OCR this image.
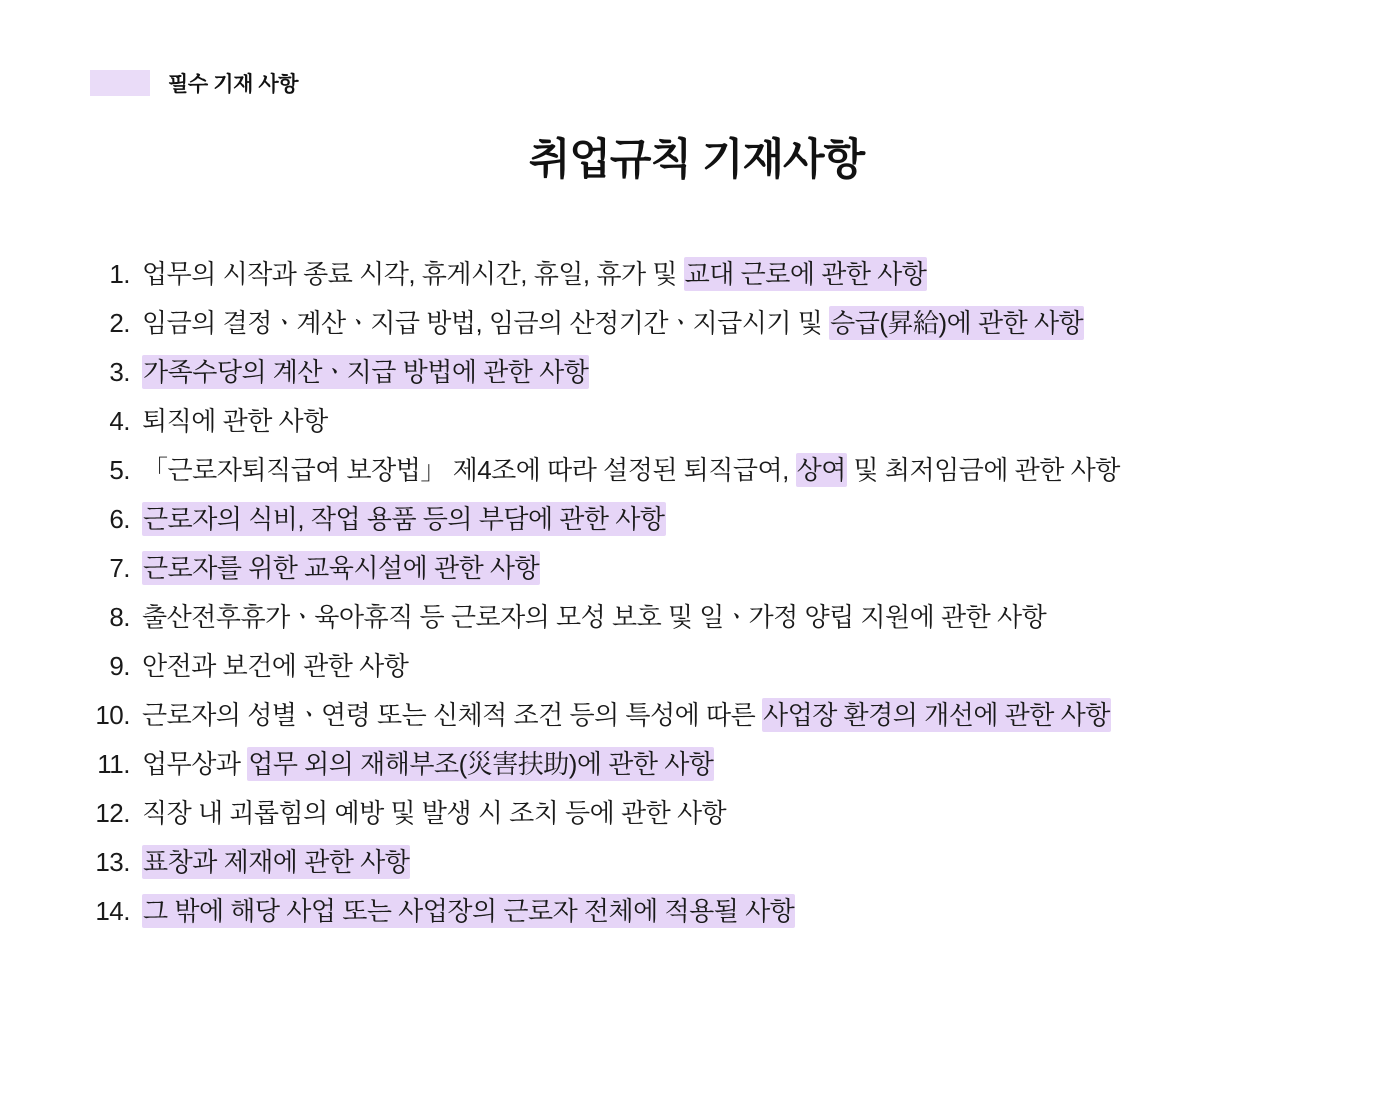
필수 기재 사항
취업규칙 기재사항
1. 업무의 시작과 종료 시각, 휴게시간, 휴일, 휴가 및 교대 근로에 관한 사항
2. 임금의 결정ㆍ계산ㆍ지급 방법, 임금의 산정기간ㆍ지급시기 및 승급(昇給)에 관한 사항
3. 가족수당의 계산ㆍ지급 방법에 관한 사항
4. 퇴직에 관한 사항
5. 「근로자퇴직급여 보장법」 제4조에 따라 설정된 퇴직급여, 상여 및 최저임금에 관한 사항
6. 근로자의 식비, 작업 용품 등의 부담에 관한 사항
7. 근로자를 위한 교육시설에 관한 사항
8. 출산전후휴가ㆍ육아휴직 등 근로자의 모성 보호 및 일ㆍ가정 양립 지원에 관한 사항
9. 안전과 보건에 관한 사항
10. 근로자의 성별ㆍ연령 또는 신체적 조건 등의 특성에 따른 사업장 환경의 개선에 관한 사항
11. 업무상과 업무 외의 재해부조(災害扶助)에 관한 사항
12. 직장 내 괴롭힘의 예방 및 발생 시 조치 등에 관한 사항
13. 표창과 제재에 관한 사항
14. 그 밖에 해당 사업 또는 사업장의 근로자 전체에 적용될 사항
